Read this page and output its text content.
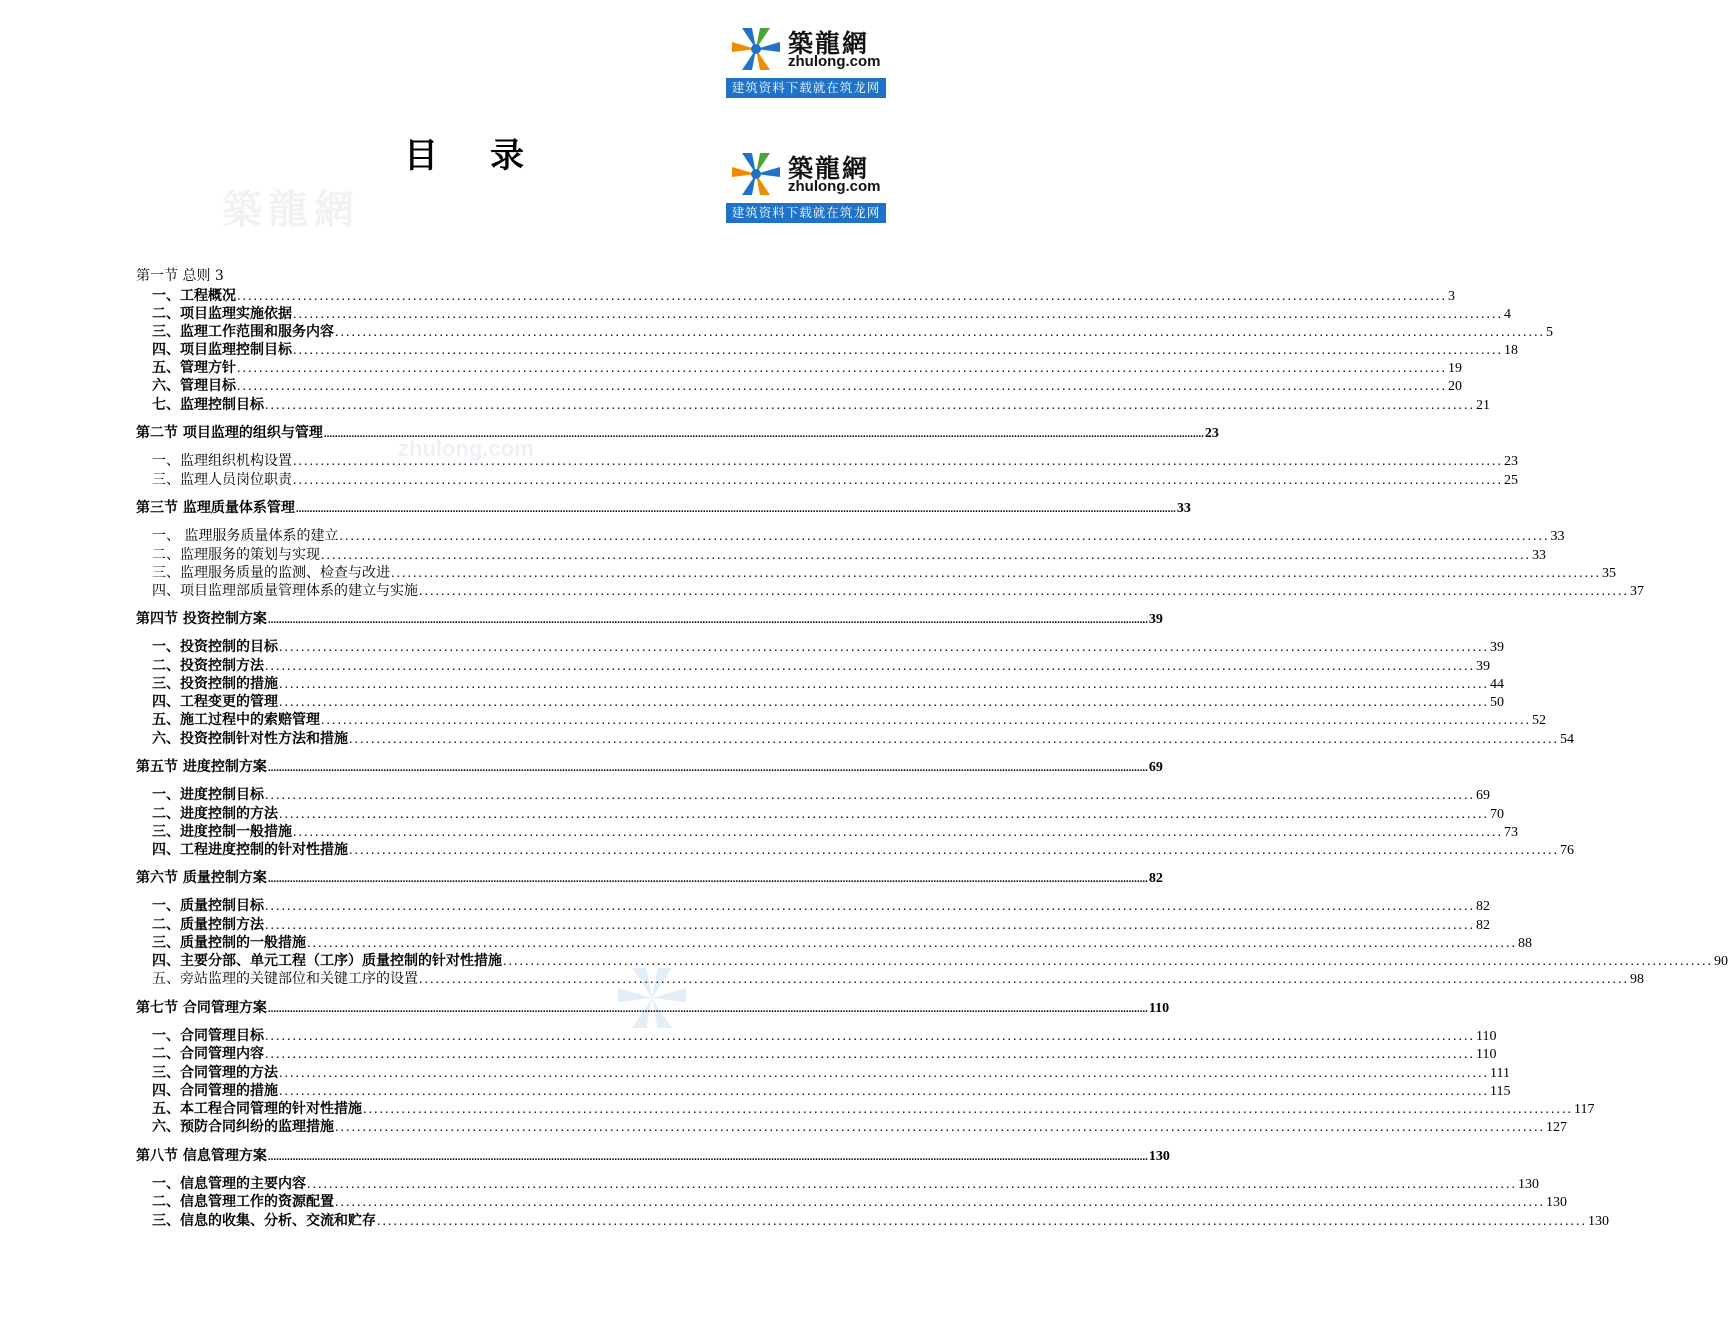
築龍網
zhulong.com
建筑资料下载就在筑龙网
築龍網
zhulong.com
建筑资料下载就在筑龙网
築龍網
zhulong.com
目录
第一节 总则 3
一、工程概况 ............................................................................................................................................................................................................................ 3
二、项目监理实施依据 ............................................................................................................................................................................................................................ 4
三、监理工作范围和服务内容 ............................................................................................................................................................................................................................ 5
四、项目监理控制目标 ............................................................................................................................................................................................................................ 18
五、管理方针 ............................................................................................................................................................................................................................ 19
六、管理目标 ............................................................................................................................................................................................................................ 20
七、监理控制目标 ............................................................................................................................................................................................................................ 21
第二节 项目监理的组织与管理 ................................................................................................................................................................................................................................................................................................................................ 23
一、监理组织机构设置 ............................................................................................................................................................................................................................ 23
三、监理人员岗位职责 ............................................................................................................................................................................................................................ 25
第三节 监理质量体系管理 ................................................................................................................................................................................................................................................................................................................................ 33
一、 监理服务质量体系的建立 ............................................................................................................................................................................................................................ 33
二、监理服务的策划与实现 ............................................................................................................................................................................................................................ 33
三、监理服务质量的监测、检查与改进 ............................................................................................................................................................................................................................ 35
四、项目监理部质量管理体系的建立与实施 ............................................................................................................................................................................................................................ 37
第四节 投资控制方案 ................................................................................................................................................................................................................................................................................................................................ 39
一、投资控制的目标 ............................................................................................................................................................................................................................ 39
二、投资控制方法 ............................................................................................................................................................................................................................ 39
三、投资控制的措施 ............................................................................................................................................................................................................................ 44
四、工程变更的管理 ............................................................................................................................................................................................................................ 50
五、施工过程中的索赔管理 ............................................................................................................................................................................................................................ 52
六、投资控制针对性方法和措施 ............................................................................................................................................................................................................................ 54
第五节 进度控制方案 ................................................................................................................................................................................................................................................................................................................................ 69
一、进度控制目标 ............................................................................................................................................................................................................................ 69
二、进度控制的方法 ............................................................................................................................................................................................................................ 70
三、进度控制一般措施 ............................................................................................................................................................................................................................ 73
四、工程进度控制的针对性措施 ............................................................................................................................................................................................................................ 76
第六节 质量控制方案 ................................................................................................................................................................................................................................................................................................................................ 82
一、质量控制目标 ............................................................................................................................................................................................................................ 82
二、质量控制方法 ............................................................................................................................................................................................................................ 82
三、质量控制的一般措施 ............................................................................................................................................................................................................................ 88
四、主要分部、单元工程（工序）质量控制的针对性措施 ............................................................................................................................................................................................................................ 90
五、旁站监理的关键部位和关键工序的设置 ............................................................................................................................................................................................................................ 98
第七节 合同管理方案 ................................................................................................................................................................................................................................................................................................................................ 110
一、合同管理目标 ............................................................................................................................................................................................................................ 110
二、合同管理内容 ............................................................................................................................................................................................................................ 110
三、合同管理的方法 ............................................................................................................................................................................................................................ 111
四、合同管理的措施 ............................................................................................................................................................................................................................ 115
五、本工程合同管理的针对性措施 ............................................................................................................................................................................................................................ 117
六、预防合同纠纷的监理措施 ............................................................................................................................................................................................................................ 127
第八节 信息管理方案 ................................................................................................................................................................................................................................................................................................................................ 130
一、信息管理的主要内容 ............................................................................................................................................................................................................................ 130
二、信息管理工作的资源配置 ............................................................................................................................................................................................................................ 130
三、信息的收集、分析、交流和贮存 ............................................................................................................................................................................................................................ 130
